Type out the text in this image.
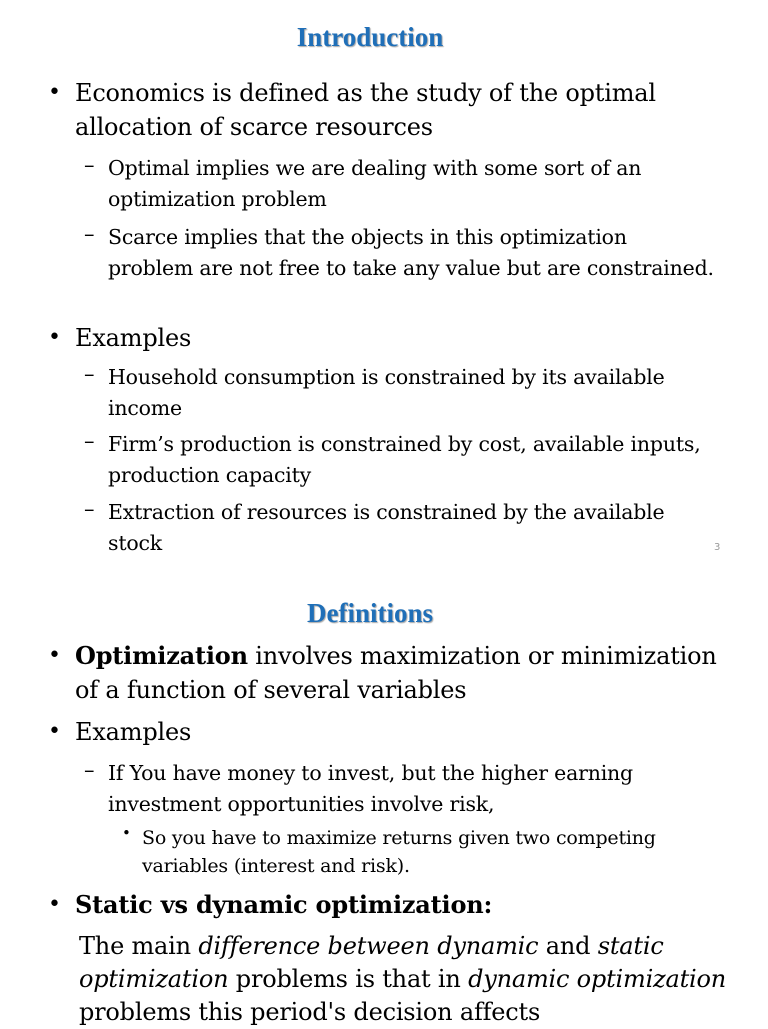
Introduction
• Economics is defined as the study of the optimal allocation of scarce resources
– Optimal implies we are dealing with some sort of an optimization problem
– Scarce implies that the objects in this optimization problem are not free to take any value but are constrained.
• Examples
– Household consumption is constrained by its available income
– Firm’s production is constrained by cost, available inputs, production capacity
– Extraction of resources is constrained by the available stock	3
Definitions
• Optimization involves maximization or minimization of a function of several variables
• Examples
– If You have money to invest, but the higher earning investment opportunities involve risk,
• So you have to maximize returns given two competing variables (interest and risk).
• Static vs dynamic optimization:

The main difference between dynamic and static optimization problems is that in dynamic optimization problems this period's decision affects
